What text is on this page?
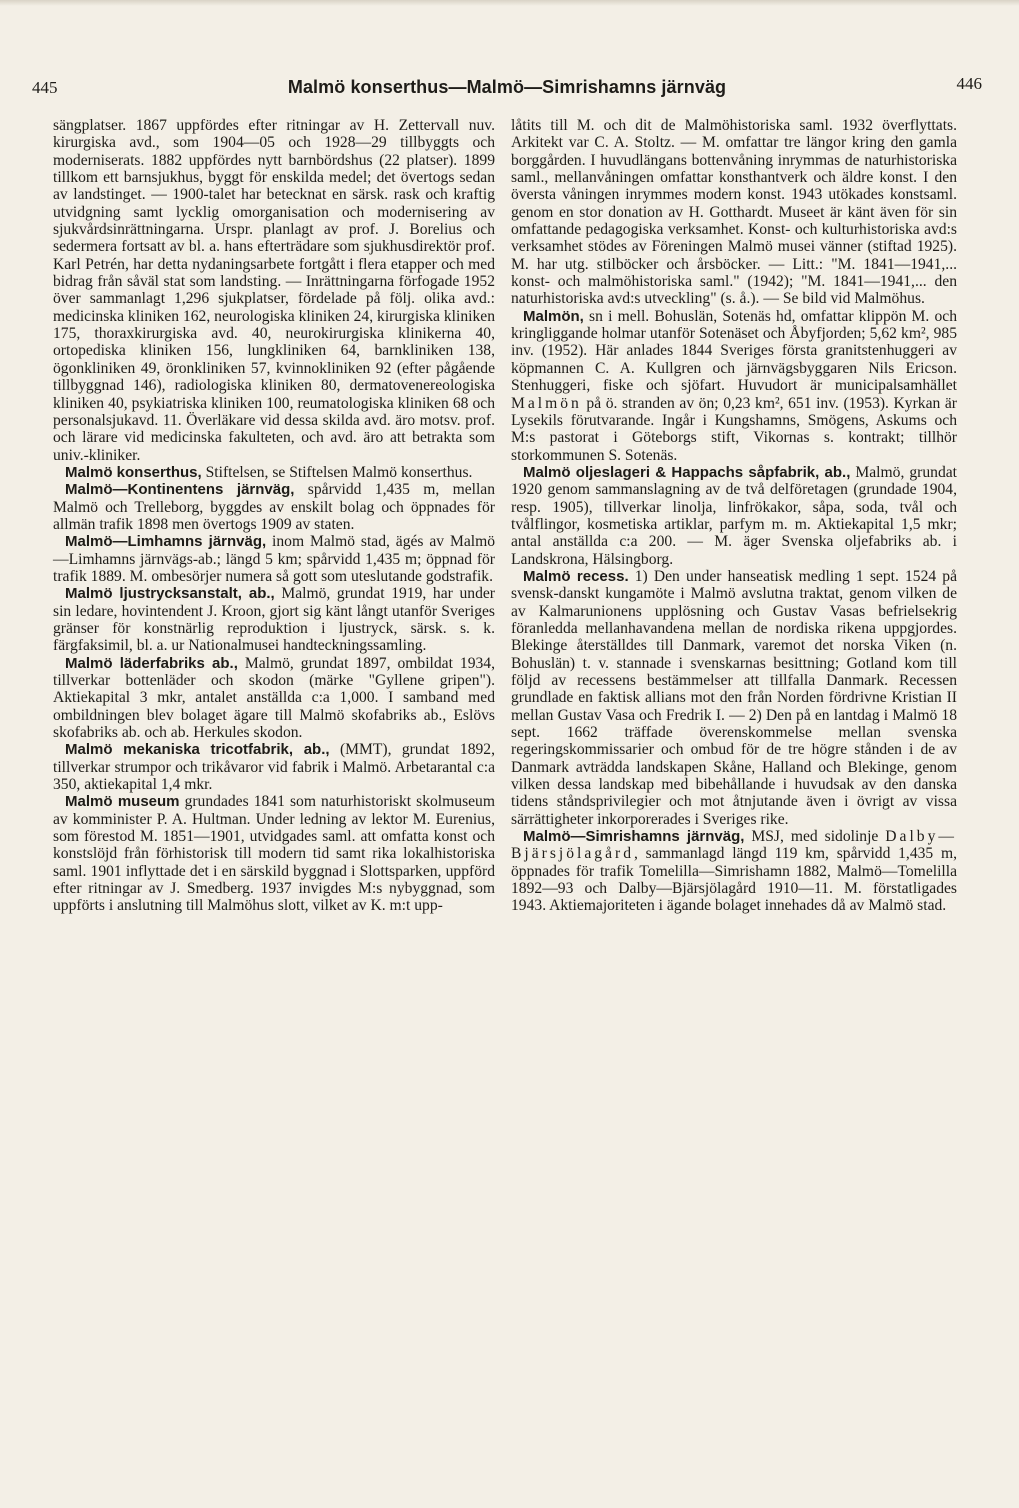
445	Malmö konserthus—Malmö—Simrishamns järnväg	446

sängplatser. 1867 uppfördes efter ritningar av H. Zettervall nuv. kirurgiska avd., som 1904—05 och 1928—29 tillbyggts och moderniserats. 1882 uppfördes nytt barnbördshus (22 platser). 1899 tillkom ett barnsjukhus, byggt för enskilda medel; det övertogs sedan av landstinget. — 1900-talet har betecknat en särsk. rask och kraftig utvidgning samt lycklig omorganisation och modernisering av sjukvårdsinrättningarna. Urspr. planlagt av prof. J. Borelius och sedermera fortsatt av bl. a. hans efterträdare som sjukhusdirektör prof. Karl Petrén, har detta nydaningsarbete fortgått i flera etapper och med bidrag från såväl stat som landsting. — Inrättningarna förfogade 1952 över sammanlagt 1,296 sjukplatser, fördelade på följ. olika avd.: medicinska kliniken 162, neurologiska kliniken 24, kirurgiska kliniken 175, thoraxkirurgiska avd. 40, neurokirurgiska klinikerna 40, ortopediska kliniken 156, lungkliniken 64, barnkliniken 138, ögonkliniken 49, öronkliniken 57, kvinnokliniken 92 (efter pågående tillbyggnad 146), radiologiska kliniken 80, dermatovenereologiska kliniken 40, psykiatriska kliniken 100, reumatologiska kliniken 68 och personalsjukavd. 11. Överläkare vid dessa skilda avd. äro motsv. prof. och lärare vid medicinska fakulteten, och avd. äro att betrakta som univ.-kliniker.

Malmö konserthus, Stiftelsen, se Stiftelsen Malmö konserthus.

Malmö—Kontinentens järnväg, spårvidd 1,435 m, mellan Malmö och Trelleborg, byggdes av enskilt bolag och öppnades för allmän trafik 1898 men övertogs 1909 av staten.

Malmö—Limhamns järnväg, inom Malmö stad, ägés av Malmö—Limhamns järnvägs-ab.; längd 5 km; spårvidd 1,435 m; öppnad för trafik 1889. M. ombesörjer numera så gott som uteslutande godstrafik.

Malmö ljustrycksanstalt, ab., Malmö, grundat 1919, har under sin ledare, hovintendent J. Kroon, gjort sig känt långt utanför Sveriges gränser för konstnärlig reproduktion i ljustryck, särsk. s. k. färgfaksimil, bl. a. ur Nationalmusei handteckningssamling.

Malmö läderfabriks ab., Malmö, grundat 1897, ombildat 1934, tillverkar bottenläder och skodon (märke "Gyllene gripen"). Aktiekapital 3 mkr, antalet anställda c:a 1,000. I samband med ombildningen blev bolaget ägare till Malmö skofabriks ab., Eslövs skofabriks ab. och ab. Herkules skodon.

Malmö mekaniska tricotfabrik, ab., (MMT), grundat 1892, tillverkar strumpor och trikåvaror vid fabrik i Malmö. Arbetarantal c:a 350, aktiekapital 1,4 mkr.

Malmö museum grundades 1841 som naturhistoriskt skolmuseum av komminister P. A. Hultman. Under ledning av lektor M. Eurenius, som förestod M. 1851—1901, utvidgades saml. att omfatta konst och konstslöjd från förhistorisk till modern tid samt rika lokalhistoriska saml. 1901 inflyttade det i en särskild byggnad i Slottsparken, uppförd efter ritningar av J. Smedberg. 1937 invigdes M:s nybyggnad, som uppförts i anslutning till Malmöhus slott, vilket av K. m:t upp-

låtits till M. och dit de Malmöhistoriska saml. 1932 överflyttats. Arkitekt var C. A. Stoltz. — M. omfattar tre längor kring den gamla borggården. I huvudlängans bottenvåning inrymmas de naturhistoriska saml., mellanvåningen omfattar konsthantverk och äldre konst. I den översta våningen inrymmes modern konst. 1943 utökades konstsaml. genom en stor donation av H. Gotthardt. Museet är känt även för sin omfattande pedagogiska verksamhet. Konst- och kulturhistoriska avd:s verksamhet stödes av Föreningen Malmö musei vänner (stiftad 1925). M. har utg. stilböcker och årsböcker. — Litt.: "M. 1841—1941,... konst- och malmöhistoriska saml." (1942); "M. 1841—1941,... den naturhistoriska avd:s utveckling" (s. å.). — Se bild vid Malmöhus.

Malmön, sn i mell. Bohuslän, Sotenäs hd, omfattar klippön M. och kringliggande holmar utanför Sotenäset och Åbyfjorden; 5,62 km², 985 inv. (1952). Här anlades 1844 Sveriges första granitstenhuggeri av köpmannen C. A. Kullgren och järnvägsbyggaren Nils Ericson. Stenhuggeri, fiske och sjöfart. Huvudort är municipalsamhället Malmön på ö. stranden av ön; 0,23 km², 651 inv. (1953). Kyrkan är Lysekils förutvarande. Ingår i Kungshamns, Smögens, Askums och M:s pastorat i Göteborgs stift, Vikornas s. kontrakt; tillhör storkommunen S. Sotenäs.

Malmö oljeslageri & Happachs såpfabrik, ab., Malmö, grundat 1920 genom sammanslagning av de två delföretagen (grundade 1904, resp. 1905), tillverkar linolja, linfrökakor, såpa, soda, tvål och tvålflingor, kosmetiska artiklar, parfym m. m. Aktiekapital 1,5 mkr; antal anställda c:a 200. — M. äger Svenska oljefabriks ab. i Landskrona, Hälsingborg.

Malmö recess. 1) Den under hanseatisk medling 1 sept. 1524 på svensk-danskt kungamöte i Malmö avslutna traktat, genom vilken de av Kalmarunionens upplösning och Gustav Vasas befrielsekrig föranledda mellanhavandena mellan de nordiska rikena uppgjordes. Blekinge återställdes till Danmark, varemot det norska Viken (n. Bohuslän) t. v. stannade i svenskarnas besittning; Gotland kom till följd av recessens bestämmelser att tillfalla Danmark. Recessen grundlade en faktisk allians mot den från Norden fördrivne Kristian II mellan Gustav Vasa och Fredrik I. — 2) Den på en lantdag i Malmö 18 sept. 1662 träffade överenskommelse mellan svenska regeringskommissarier och ombud för de tre högre stånden i de av Danmark avträdda landskapen Skåne, Halland och Blekinge, genom vilken dessa landskap med bibehållande i huvudsak av den danska tidens ståndsprivilegier och mot åtnjutande även i övrigt av vissa särrättigheter inkorporerades i Sveriges rike.

Malmö—Simrishamns järnväg, MSJ, med sidolinje Dalby—Bjärsjölagård, sammanlagd längd 119 km, spårvidd 1,435 m, öppnades för trafik Tomelilla—Simrishamn 1882, Malmö—Tomelilla 1892—93 och Dalby—Bjärsjölagård 1910—11. M. förstatligades 1943. Aktiemajoriteten i ägande bolaget innehades då av Malmö stad.
